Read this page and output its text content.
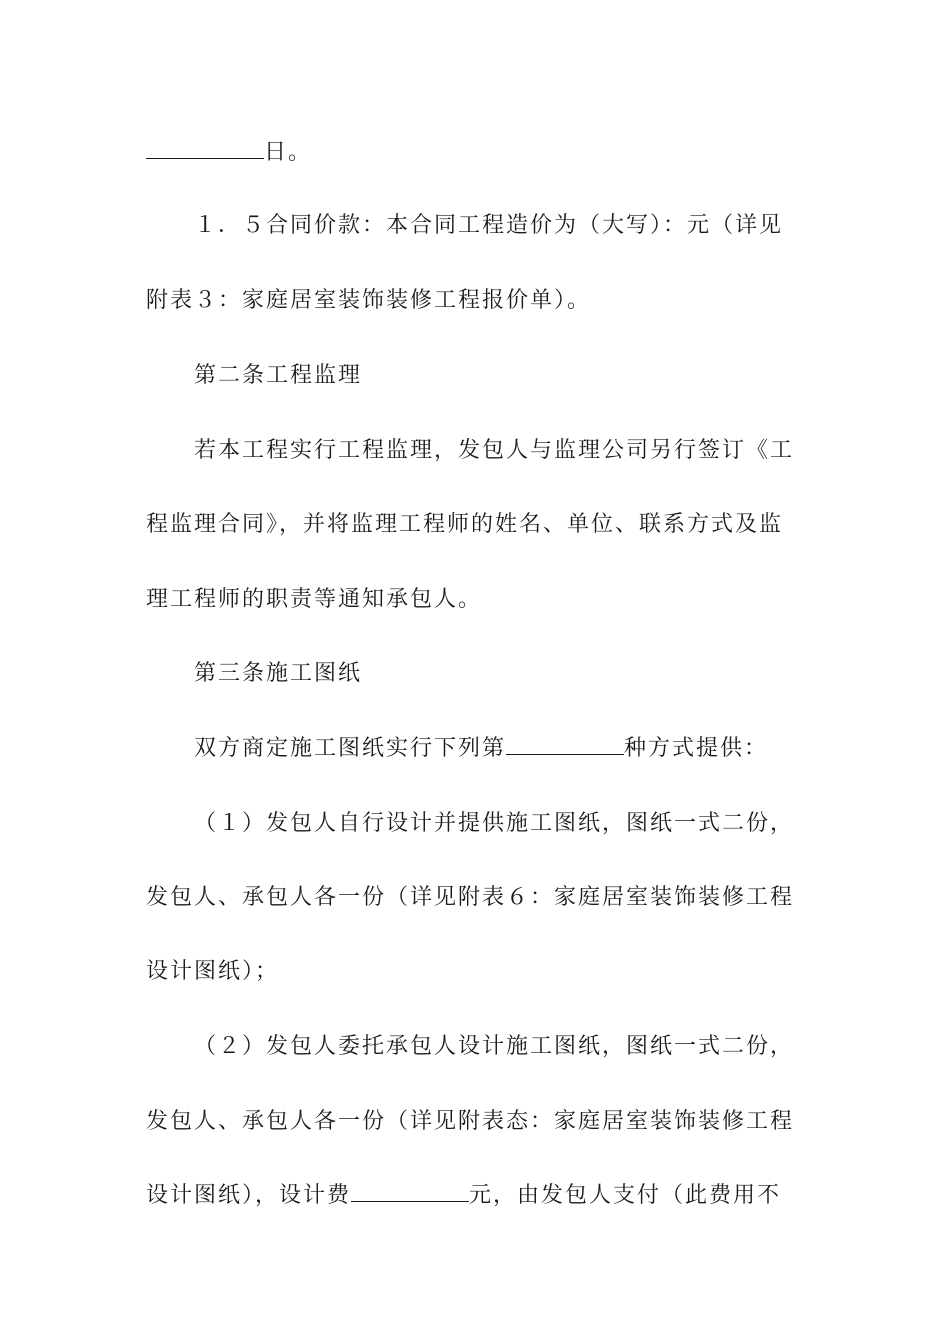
日。
１．５合同价款：本合同工程造价为（大写）：元（详见
附表３：家庭居室装饰装修工程报价单）。
第二条工程监理
若本工程实行工程监理，发包人与监理公司另行签订《工
程监理合同》，并将监理工程师的姓名、单位、联系方式及监
理工程师的职责等通知承包人。
第三条施工图纸
双方商定施工图纸实行下列第	种方式提供：
（１）发包人自行设计并提供施工图纸，图纸一式二份，
发包人、承包人各一份（详见附表６：家庭居室装饰装修工程
设计图纸）；
（２）发包人委托承包人设计施工图纸，图纸一式二份，
发包人、承包人各一份（详见附表态：家庭居室装饰装修工程
设计图纸），设计费	元，由发包人支付（此费用不
